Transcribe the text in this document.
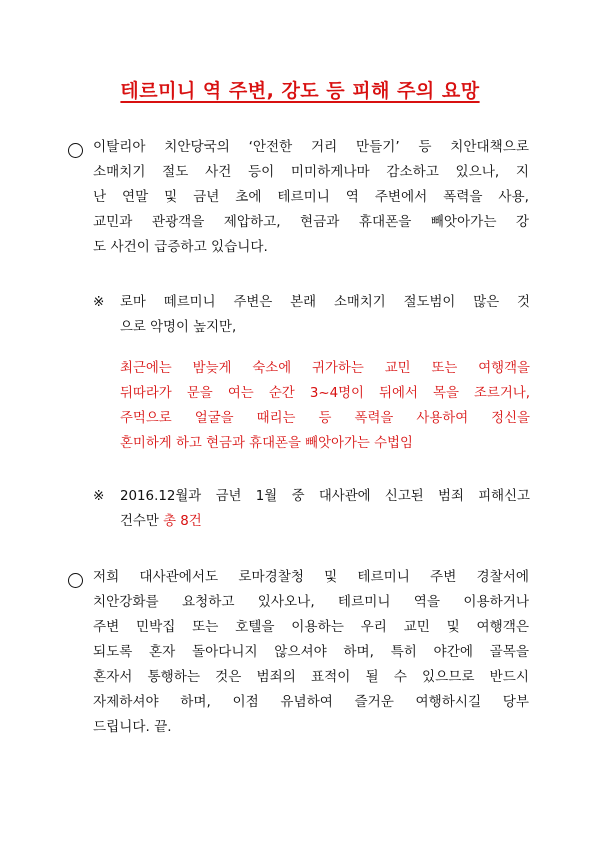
테르미니 역 주변, 강도 등 피해 주의 요망
이탈리아 치안당국의 ‘안전한 거리 만들기’ 등 치안대책으로
소매치기 절도 사건 등이 미미하게나마 감소하고 있으나, 지
난 연말 및 금년 초에 테르미니 역 주변에서 폭력을 사용,
교민과 관광객을 제압하고, 현금과 휴대폰을 빼앗아가는 강
도 사건이 급증하고 있습니다.
※ 로마 떼르미니 주변은 본래 소매치기 절도범이 많은 것
으로 악명이 높지만,
최근에는 밤늦게 숙소에 귀가하는 교민 또는 여행객을
뒤따라가 문을 여는 순간 3~4명이 뒤에서 목을 조르거나,
주먹으로 얼굴을 때리는 등 폭력을 사용하여 정신을
혼미하게 하고 현금과 휴대폰을 빼앗아가는 수법임
※ 2016.12월과 금년 1월 중 대사관에 신고된 범죄 피해신고
건수만 총 8건
저희 대사관에서도 로마경찰청 및 테르미니 주변 경찰서에
치안강화를 요청하고 있사오나, 테르미니 역을 이용하거나
주변 민박집 또는 호텔을 이용하는 우리 교민 및 여행객은
되도록 혼자 돌아다니지 않으셔야 하며, 특히 야간에 골목을
혼자서 통행하는 것은 범죄의 표적이 될 수 있으므로 반드시
자제하셔야 하며, 이점 유념하여 즐거운 여행하시길 당부
드립니다. 끝.
